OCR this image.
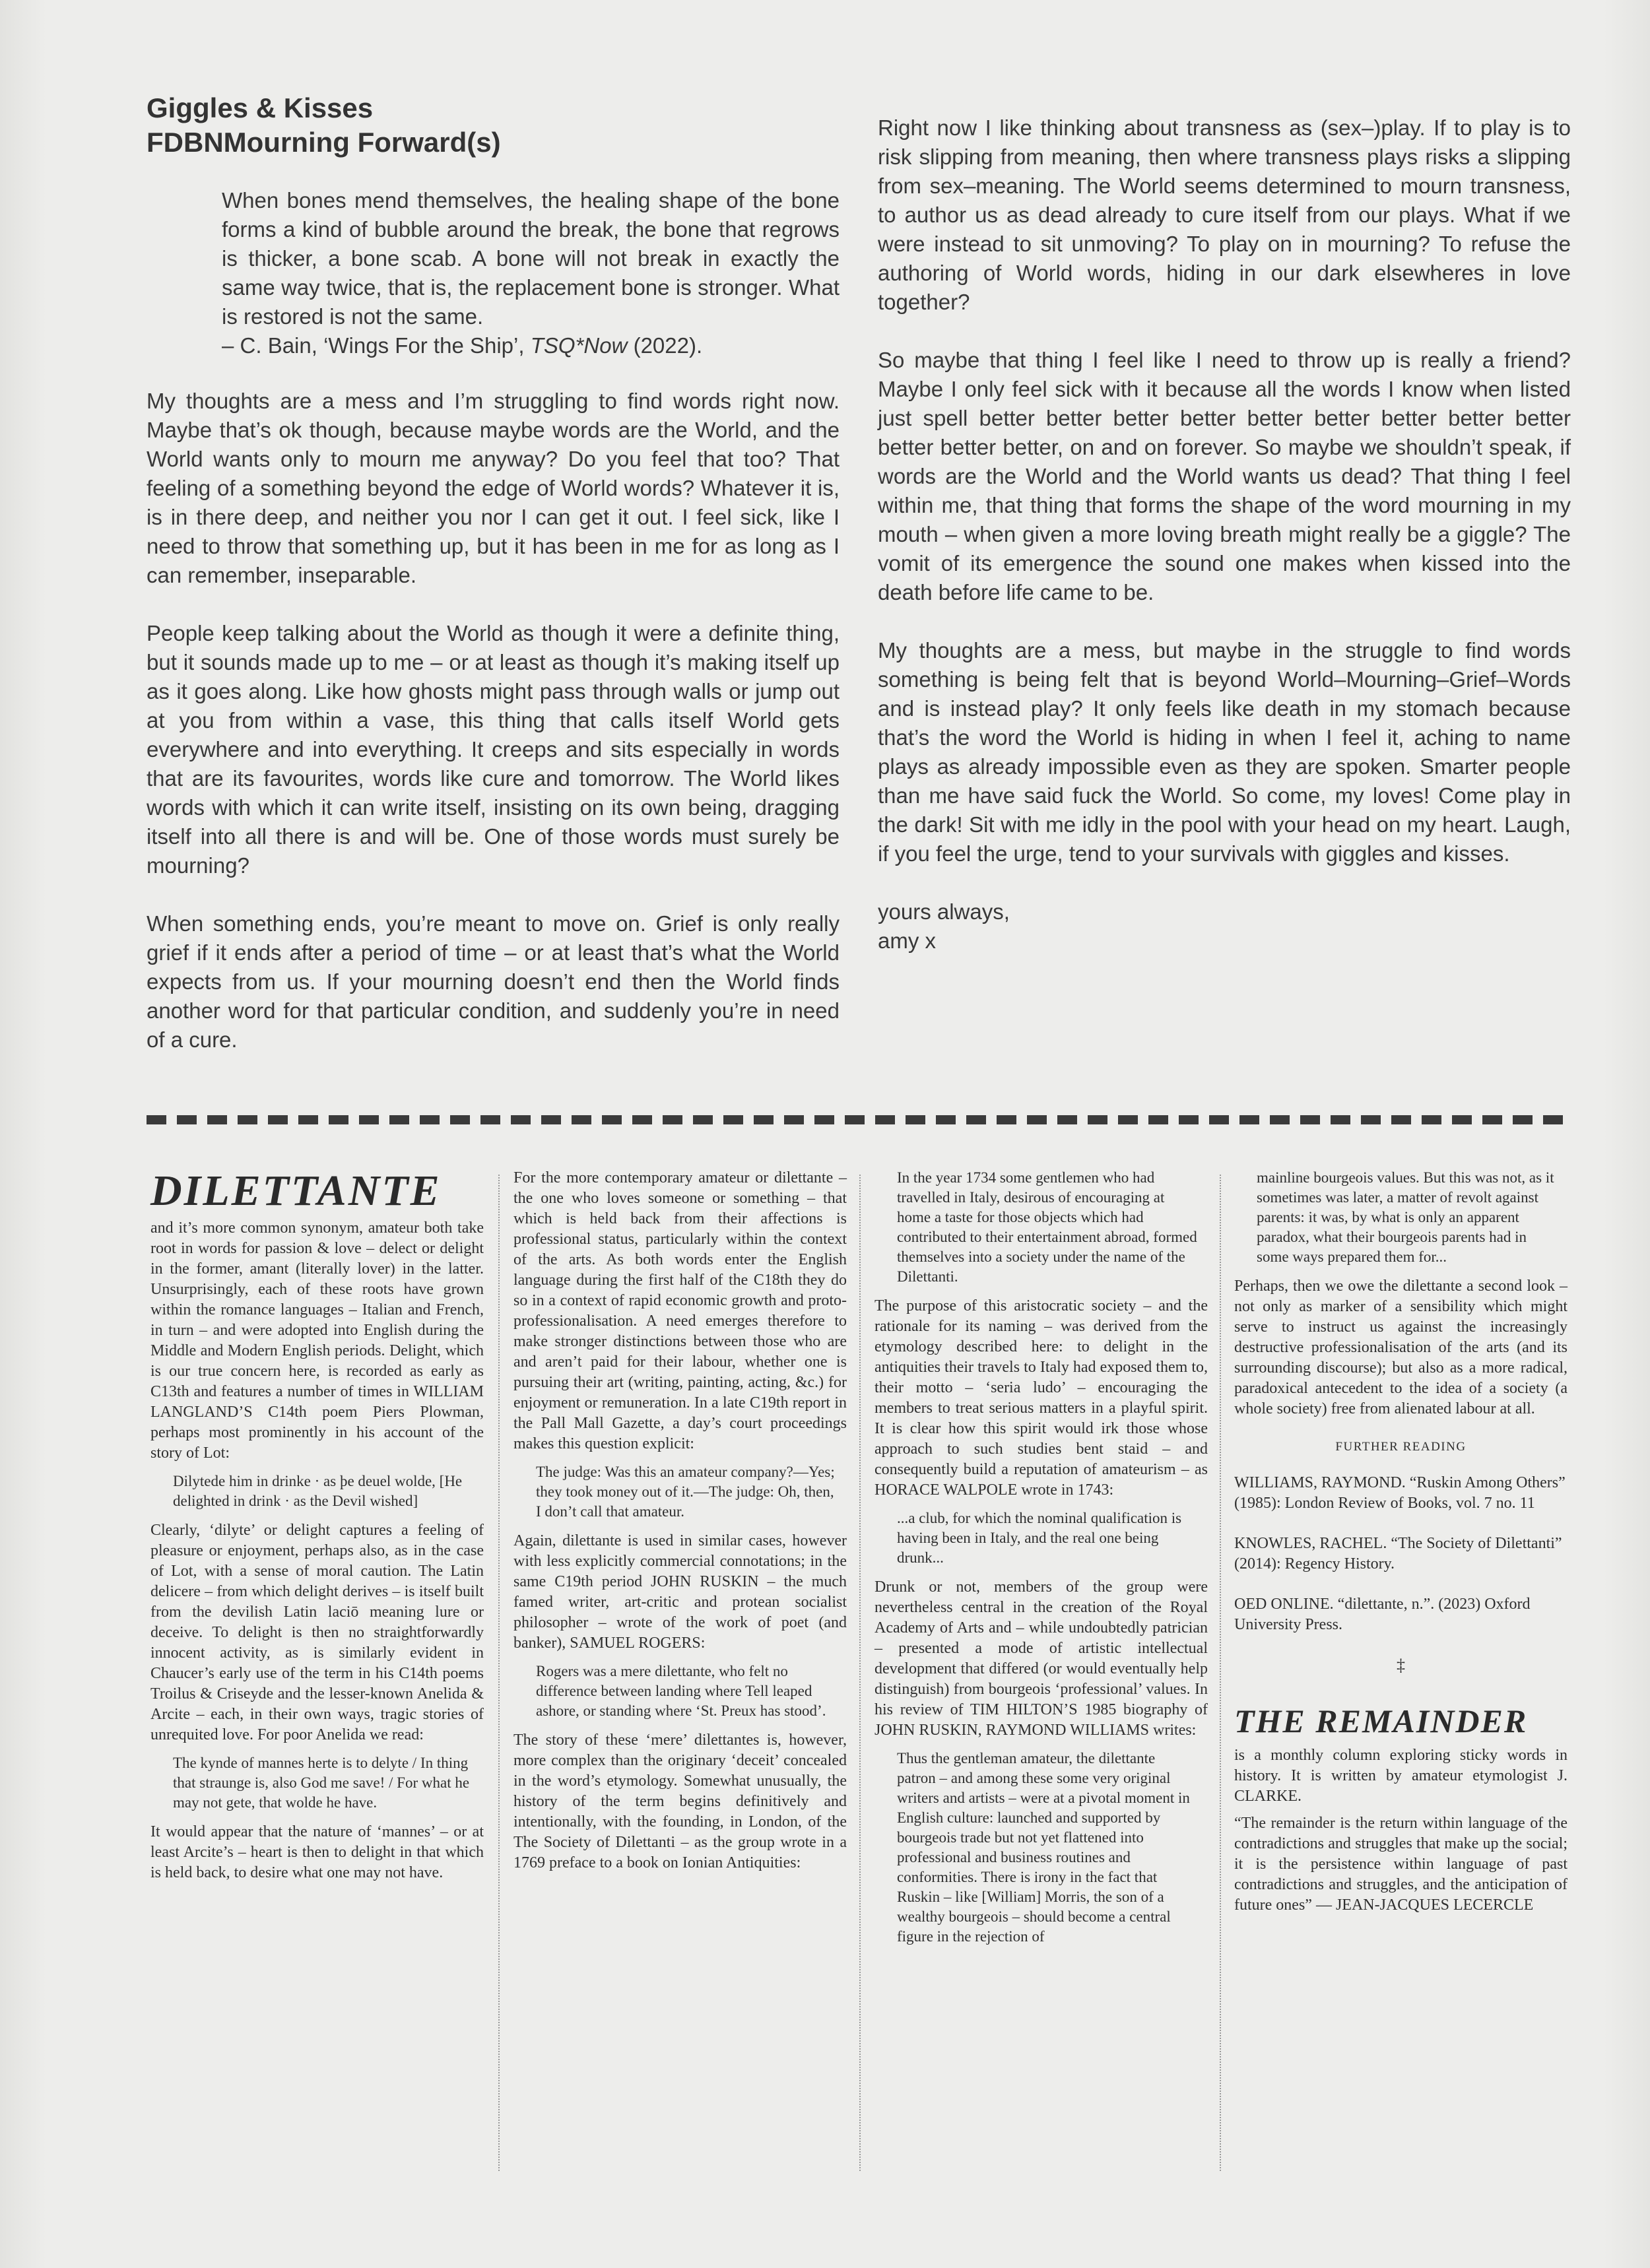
Giggles & Kisses
FDBNMourning Forward(s)
When bones mend themselves, the healing shape of the bone forms a kind of bubble around the break, the bone that regrows is thicker, a bone scab. A bone will not break in exactly the same way twice, that is, the replacement bone is stronger. What is restored is not the same.
– C. Bain, ‘Wings For the Ship’, TSQ*Now (2022).

My thoughts are a mess and I’m struggling to find words right now. Maybe that’s ok though, because maybe words are the World, and the World wants only to mourn me anyway? Do you feel that too? That feeling of a something beyond the edge of World words? Whatever it is, is in there deep, and neither you nor I can get it out. I feel sick, like I need to throw that something up, but it has been in me for as long as I can remember, inseparable.

People keep talking about the World as though it were a definite thing, but it sounds made up to me – or at least as though it’s making itself up as it goes along. Like how ghosts might pass through walls or jump out at you from within a vase, this thing that calls itself World gets everywhere and into everything. It creeps and sits especially in words that are its favourites, words like cure and tomorrow. The World likes words with which it can write itself, insisting on its own being, dragging itself into all there is and will be. One of those words must surely be mourning?

When something ends, you’re meant to move on. Grief is only really grief if it ends after a period of time – or at least that’s what the World expects from us. If your mourning doesn’t end then the World finds another word for that particular condition, and suddenly you’re in need of a cure.

Right now I like thinking about transness as (sex–)play. If to play is to risk slipping from meaning, then where transness plays risks a slipping from sex–meaning. The World seems determined to mourn transness, to author us as dead already to cure itself from our plays. What if we were instead to sit unmoving? To play on in mourning? To refuse the authoring of World words, hiding in our dark elsewheres in love together?

So maybe that thing I feel like I need to throw up is really a friend? Maybe I only feel sick with it because all the words I know when listed just spell better better better better better better better better better better better better, on and on forever. So maybe we shouldn’t speak, if words are the World and the World wants us dead? That thing I feel within me, that thing that forms the shape of the word mourning in my mouth – when given a more loving breath might really be a giggle? The vomit of its emergence the sound one makes when kissed into the death before life came to be.

My thoughts are a mess, but maybe in the struggle to find words something is being felt that is beyond World–Mourning–Grief–Words and is instead play? It only feels like death in my stomach because that’s the word the World is hiding in when I feel it, aching to name plays as already impossible even as they are spoken. Smarter people than me have said fuck the World. So come, my loves! Come play in the dark! Sit with me idly in the pool with your head on my heart. Laugh, if you feel the urge, tend to your survivals with giggles and kisses.

yours always,

amy x

DILETTANTE

and it’s more common synonym, amateur both take root in words for passion & love – delect or delight in the former, amant (literally lover) in the latter. Unsurprisingly, each of these roots have grown within the romance languages – Italian and French, in turn – and were adopted into English during the Middle and Modern English periods. Delight, which is our true concern here, is recorded as early as C13th and features a number of times in WILLIAM LANGLAND’S C14th poem Piers Plowman, perhaps most prominently in his account of the story of Lot:

Dilytede him in drinke · as þe deuel wolde, [He delighted in drink · as the Devil wished]

Clearly, ‘dilyte’ or delight captures a feeling of pleasure or enjoyment, perhaps also, as in the case of Lot, with a sense of moral caution. The Latin delicere – from which delight derives – is itself built from the devilish Latin laciō meaning lure or deceive. To delight is then no straightforwardly innocent activity, as is similarly evident in Chaucer’s early use of the term in his C14th poems Troilus & Criseyde and the lesser-known Anelida & Arcite – each, in their own ways, tragic stories of unrequited love. For poor Anelida we read:

The kynde of mannes herte is to delyte / In thing that straunge is, also God me save! / For what he may not gete, that wolde he have.

It would appear that the nature of ‘mannes’ – or at least Arcite’s – heart is then to delight in that which is held back, to desire what one may not have.

For the more contemporary amateur or dilettante – the one who loves someone or something – that which is held back from their affections is professional status, particularly within the context of the arts. As both words enter the English language during the first half of the C18th they do so in a context of rapid economic growth and proto-professionalisation. A need emerges therefore to make stronger distinctions between those who are and aren’t paid for their labour, whether one is pursuing their art (writing, painting, acting, &c.) for enjoyment or remuneration. In a late C19th report in the Pall Mall Gazette, a day’s court proceedings makes this question explicit:

The judge: Was this an amateur company?—Yes; they took money out of it.—The judge: Oh, then, I don’t call that amateur.

Again, dilettante is used in similar cases, however with less explicitly commercial connotations; in the same C19th period JOHN RUSKIN – the much famed writer, art-critic and protean socialist philosopher – wrote of the work of poet (and banker), SAMUEL ROGERS:

Rogers was a mere dilettante, who felt no difference between landing where Tell leaped ashore, or standing where ‘St. Preux has stood’.

The story of these ‘mere’ dilettantes is, however, more complex than the originary ‘deceit’ concealed in the word’s etymology. Somewhat unusually, the history of the term begins definitively and intentionally, with the founding, in London, of the The Society of Dilettanti – as the group wrote in a 1769 preface to a book on Ionian Antiquities:

In the year 1734 some gentlemen who had travelled in Italy, desirous of encouraging at home a taste for those objects which had contributed to their entertainment abroad, formed themselves into a society under the name of the Dilettanti.

The purpose of this aristocratic society – and the rationale for its naming – was derived from the etymology described here: to delight in the antiquities their travels to Italy had exposed them to, their motto – ‘seria ludo’ – encouraging the members to treat serious matters in a playful spirit. It is clear how this spirit would irk those whose approach to such studies bent staid – and consequently build a reputation of amateurism – as HORACE WALPOLE wrote in 1743:

...a club, for which the nominal qualification is having been in Italy, and the real one being drunk...

Drunk or not, members of the group were nevertheless central in the creation of the Royal Academy of Arts and – while undoubtedly patrician – presented a mode of artistic intellectual development that differed (or would eventually help distinguish) from bourgeois ‘professional’ values. In his review of TIM HILTON’S 1985 biography of JOHN RUSKIN, RAYMOND WILLIAMS writes:

Thus the gentleman amateur, the dilettante patron – and among these some very original writers and artists – were at a pivotal moment in English culture: launched and supported by bourgeois trade but not yet flattened into professional and business routines and conformities. There is irony in the fact that Ruskin – like [William] Morris, the son of a wealthy bourgeois – should become a central figure in the rejection of

mainline bourgeois values. But this was not, as it sometimes was later, a matter of revolt against parents: it was, by what is only an apparent paradox, what their bourgeois parents had in some ways prepared them for...

Perhaps, then we owe the dilettante a second look – not only as marker of a sensibility which might serve to instruct us against the increasingly destructive professionalisation of the arts (and its surrounding discourse); but also as a more radical, paradoxical antecedent to the idea of a society (a whole society) free from alienated labour at all.

FURTHER READING

WILLIAMS, RAYMOND. “Ruskin Among Others” (1985): London Review of Books, vol. 7 no. 11

KNOWLES, RACHEL. “The Society of Dilettanti” (2014): Regency History.

OED ONLINE. “dilettante, n.”. (2023) Oxford University Press.

‡

THE REMAINDER

is a monthly column exploring sticky words in history. It is written by amateur etymologist J. CLARKE.

“The remainder is the return within language of the contradictions and struggles that make up the social; it is the persistence within language of past contradictions and struggles, and the anticipation of future ones” — JEAN-JACQUES LECERCLE
